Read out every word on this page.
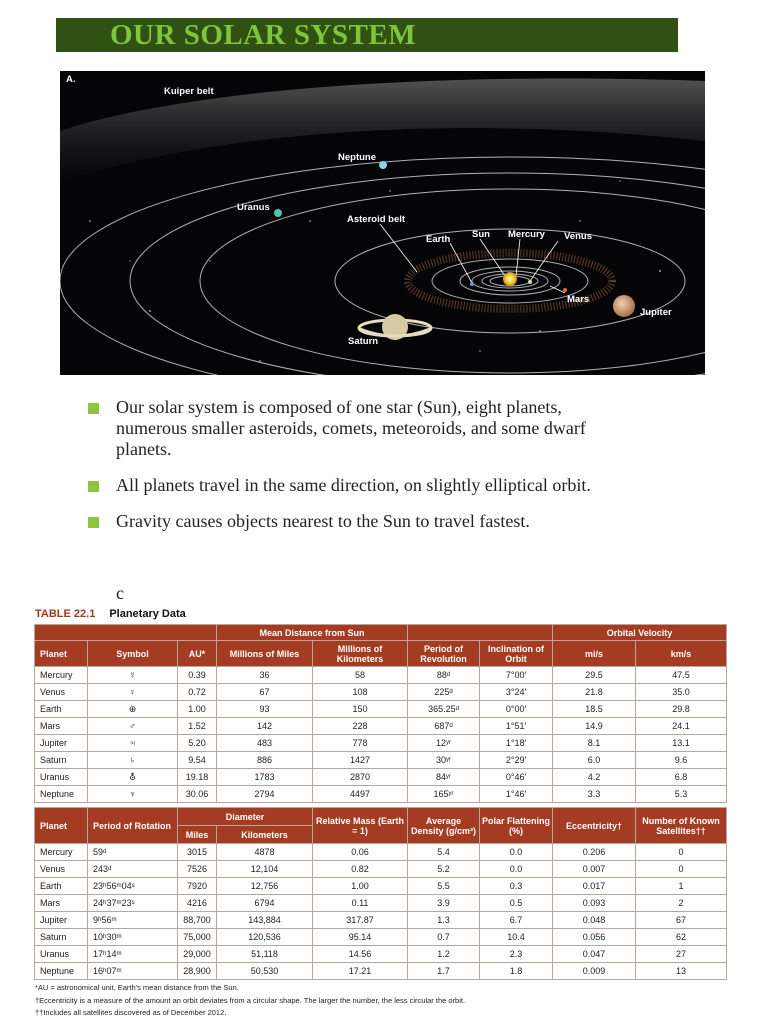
OUR SOLAR SYSTEM
A.
Kuiper belt
Neptune
Uranus
Asteroid belt
Earth Sun Mercury Venus
Mars
Jupiter
Saturn
Our solar system is composed of one star (Sun), eight planets, numerous smaller asteroids, comets, meteoroids, and some dwarf planets.
All planets travel in the same direction, on slightly elliptical orbit.
Gravity causes objects nearest to the Sun to travel fastest.
c
TABLE 22.1 Planetary Data
			Mean Distance from Sun				Orbital Velocity	
Planet	Symbol	AU*	Millions of Miles	Millions of Kilometers	Period of Revolution	Inclination of Orbit	mi/s	km/s
Mercury	☿	0.39	36	58	88ᵈ	7°00′	29.5	47.5
Venus	♀	0.72	67	108	225ᵈ	3°24′	21.8	35.0
Earth	⊕	1.00	93	150	365.25ᵈ	0°00′	18.5	29.8
Mars	♂	1.52	142	228	687ᵈ	1°51′	14.9	24.1
Jupiter	♃	5.20	483	778	12ʸʳ	1°18′	8.1	13.1
Saturn	♄	9.54	886	1427	30ʸʳ	2°29′	6.0	9.6
Uranus	⛢	19.18	1783	2870	84ʸʳ	0°46′	4.2	6.8
Neptune	♆	30.06	2794	4497	165ʸʳ	1°46′	3.3	5.3
Planet	Period of Rotation	Diameter		Relative Mass (Earth = 1)	Average Density (g/cm³)	Polar Flattening (%)	Eccentricity†	Number of Known Satellites††
		Miles	Kilometers					
Mercury	59ᵈ	3015	4878	0.06	5.4	0.0	0.206	0
Venus	243ᵈ	7526	12,104	0.82	5.2	0.0	0.007	0
Earth	23ʰ56ᵐ04ˢ	7920	12,756	1.00	5.5	0.3	0.017	1
Mars	24ʰ37ᵐ23ˢ	4216	6794	0.11	3.9	0.5	0.093	2
Jupiter	9ʰ56ᵐ	88,700	143,884	317.87	1.3	6.7	0.048	67
Saturn	10ʰ30ᵐ	75,000	120,536	95.14	0.7	10.4	0.056	62
Uranus	17ʰ14ᵐ	29,000	51,118	14.56	1.2	2.3	0.047	27
Neptune	16ʰ07ᵐ	28,900	50,530	17.21	1.7	1.8	0.009	13
*AU = astronomical unit, Earth's mean distance from the Sun.
†Eccentricity is a measure of the amount an orbit deviates from a circular shape. The larger the number, the less circular the orbit.
††Includes all satellites discovered as of December 2012.
